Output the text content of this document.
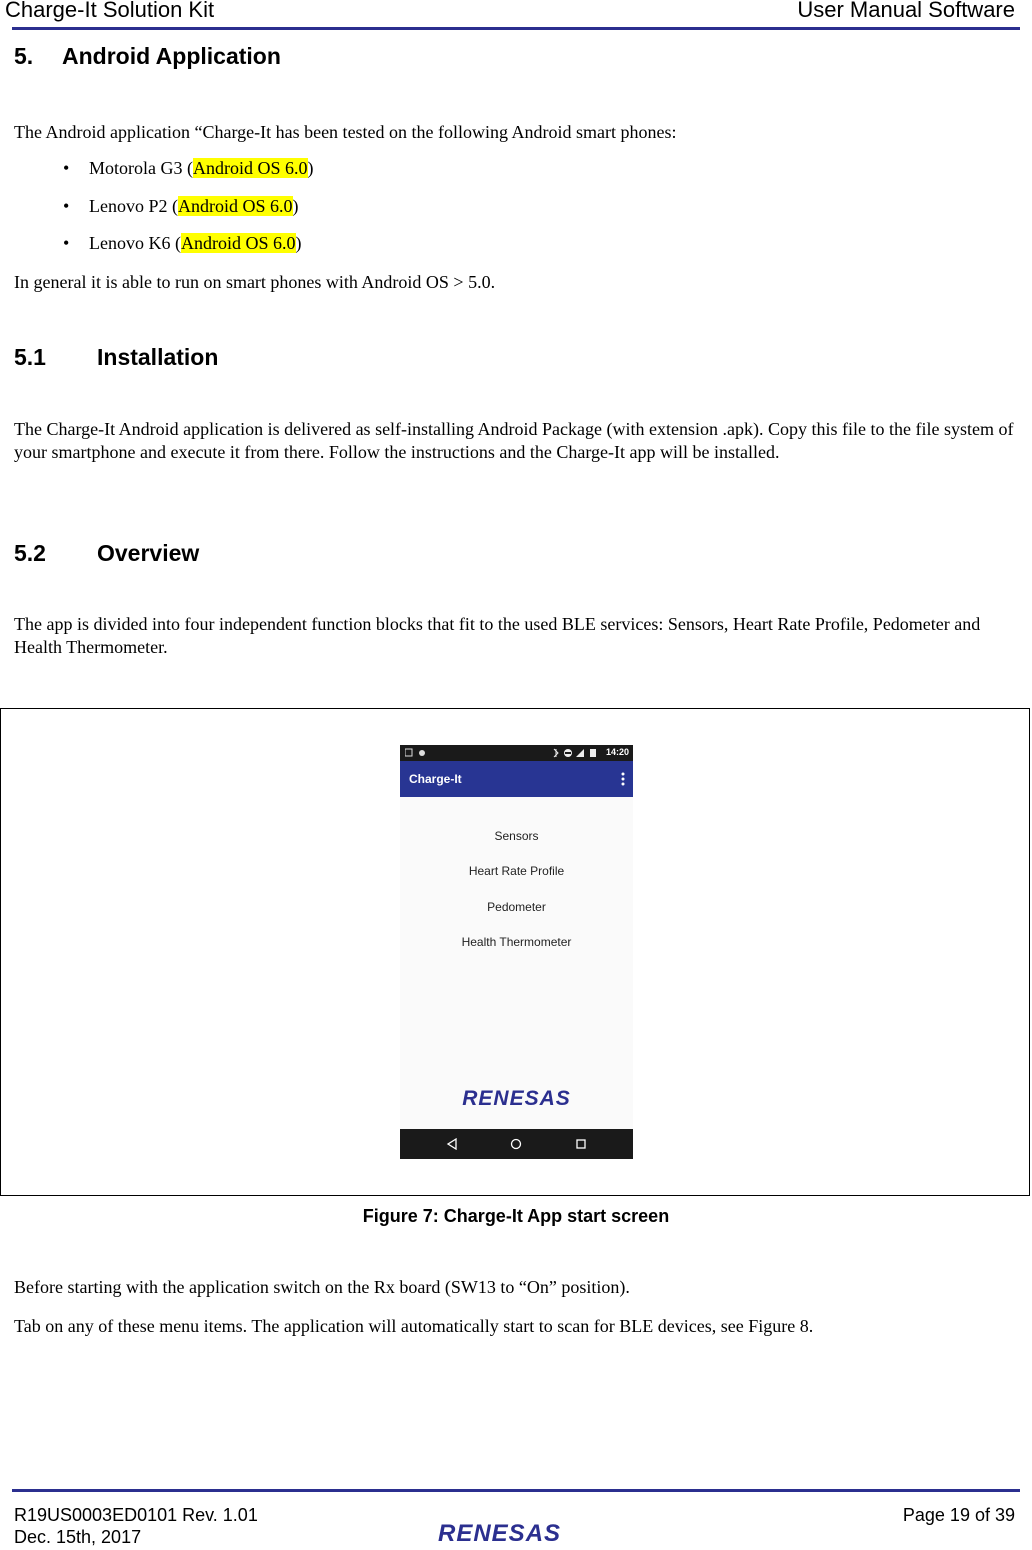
Charge-It Solution Kit	User Manual Software
5. Android Application
The Android application “Charge-It has been tested on the following Android smart phones:
• Motorola G3 (Android OS 6.0)
• Lenovo P2 (Android OS 6.0)
• Lenovo K6 (Android OS 6.0)
In general it is able to run on smart phones with Android OS > 5.0.
5.1 Installation
The Charge-It Android application is delivered as self-installing Android Package (with extension .apk). Copy this file to the file system of your smartphone and execute it from there. Follow the instructions and the Charge-It app will be installed.
5.2 Overview
The app is divided into four independent function blocks that fit to the used BLE services: Sensors, Heart Rate Profile, Pedometer and Health Thermometer.
14:20
Charge-It
Sensors
Heart Rate Profile
Pedometer
Health Thermometer
RENESAS
Figure 7: Charge-It App start screen
Before starting with the application switch on the Rx board (SW13 to “On” position).
Tab on any of these menu items. The application will automatically start to scan for BLE devices, see Figure 8.
R19US0003ED0101 Rev. 1.01
Dec. 15th, 2017	RENESAS
Page 19 of 39
